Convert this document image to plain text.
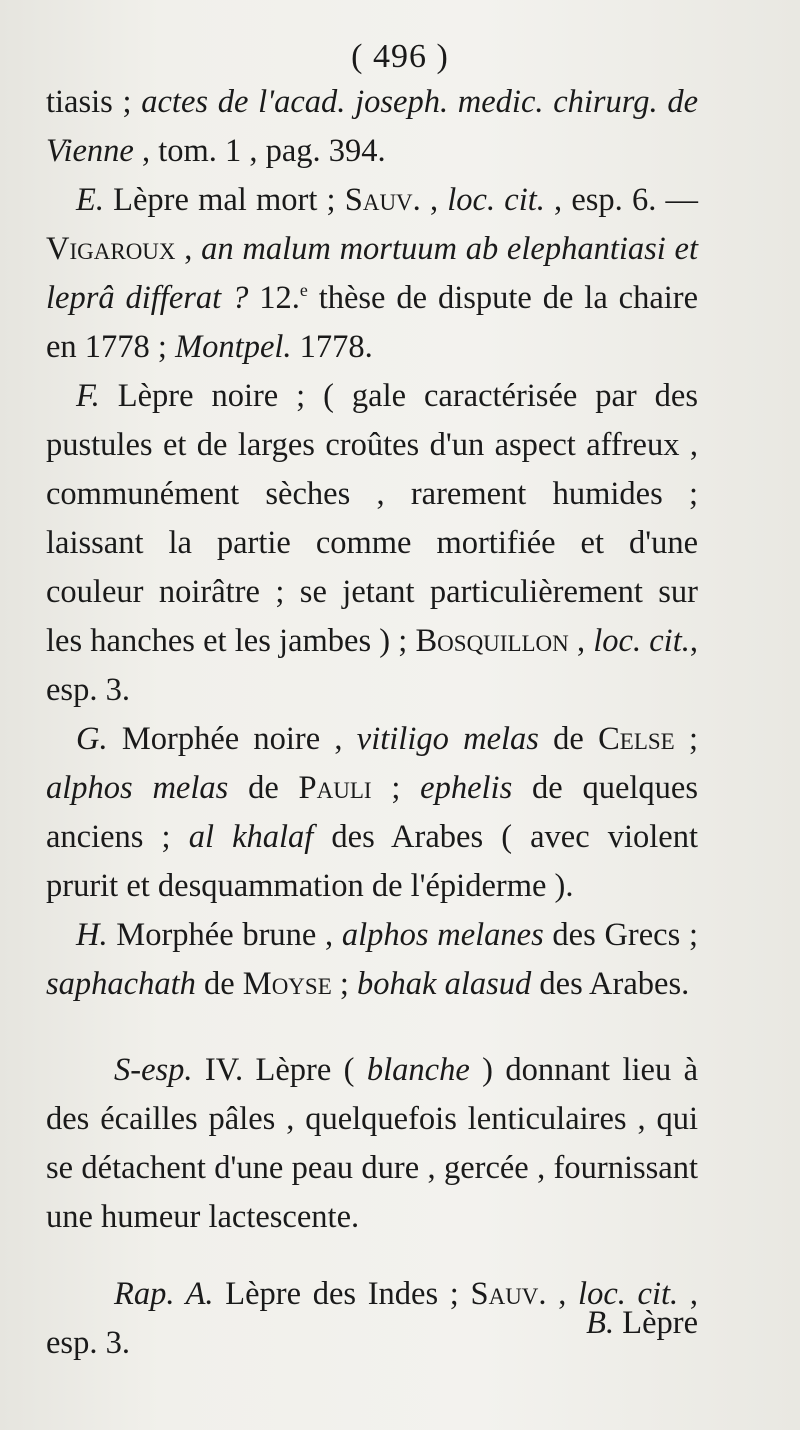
( 496 )

tiasis ; actes de l'acad. joseph. medic. chirurg. de Vienne , tom. 1 , pag. 394.

E. Lèpre mal mort ; Sauv. , loc. cit. , esp. 6. — Vigaroux , an malum mortuum ab elephantiasi et leprâ differat ? 12.$^e$ thèse de dispute de la chaire en 1778 ; Montpel. 1778.

F. Lèpre noire ; ( gale caractérisée par des pustules et de larges croûtes d'un aspect affreux , communément sèches , rarement humides ; laissant la partie comme mortifiée et d'une couleur noirâtre ; se jetant particulièrement sur les hanches et les jambes ) ; Bosquillon , loc. cit., esp. 3.

G. Morphée noire , vitiligo melas de Celse ; alphos melas de Pauli ; ephelis de quelques anciens ; al khalaf des Arabes ( avec violent prurit et desquammation de l'épiderme ).

H. Morphée brune , alphos melanes des Grecs ; saphachath de Moyse ; bohak alasud des Arabes.

S-esp. IV. Lèpre ( blanche ) donnant lieu à des écailles pâles , quelquefois lenticulaires , qui se détachent d'une peau dure , gercée , fournissant une humeur lactescente.

Rap. A. Lèpre des Indes ; Sauv. , loc. cit. , esp. 3.

B. Lèpre
